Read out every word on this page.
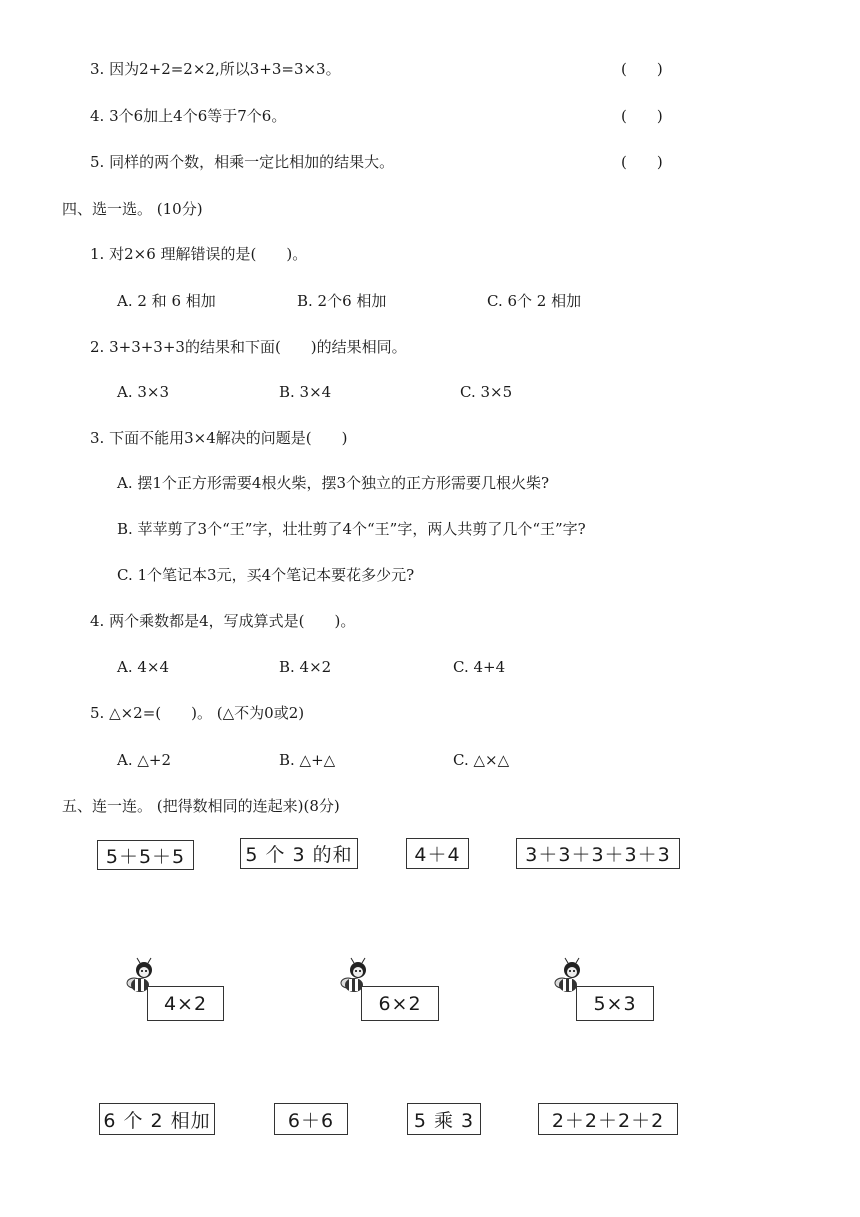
3. 因为2+2=2×2,所以3+3=3×3。	(　　)
4. 3个6加上4个6等于7个6。	(　　)
5. 同样的两个数，相乘一定比相加的结果大。	(　　)
四、选一选。 (10分)
1. 对2×6 理解错误的是(　　)。
A. 2 和 6 相加	B. 2个6 相加	C. 6个 2 相加
2. 3+3+3+3的结果和下面(　　)的结果相同。
A. 3×3	B. 3×4	C. 3×5
3. 下面不能用3×4解决的问题是(　　)
A. 摆1个正方形需要4根火柴，摆3个独立的正方形需要几根火柴?
B. 苹苹剪了3个“王”字，壮壮剪了4个“王”字，两人共剪了几个“王”字?
C. 1个笔记本3元，买4个笔记本要花多少元?
4. 两个乘数都是4，写成算式是(　　)。
A. 4×4	B. 4×2	C. 4+4
5. △×2=(　　)。 (△不为0或2)
A. △+2	B. △+△	C. △×△
五、连一连。 (把得数相同的连起来)(8分)
5＋5＋5	5 个 3 的和	4＋4	3＋3＋3＋3＋3
4×2	6×2	5×3
6 个 2 相加	6＋6	5 乘 3	2＋2＋2＋2
